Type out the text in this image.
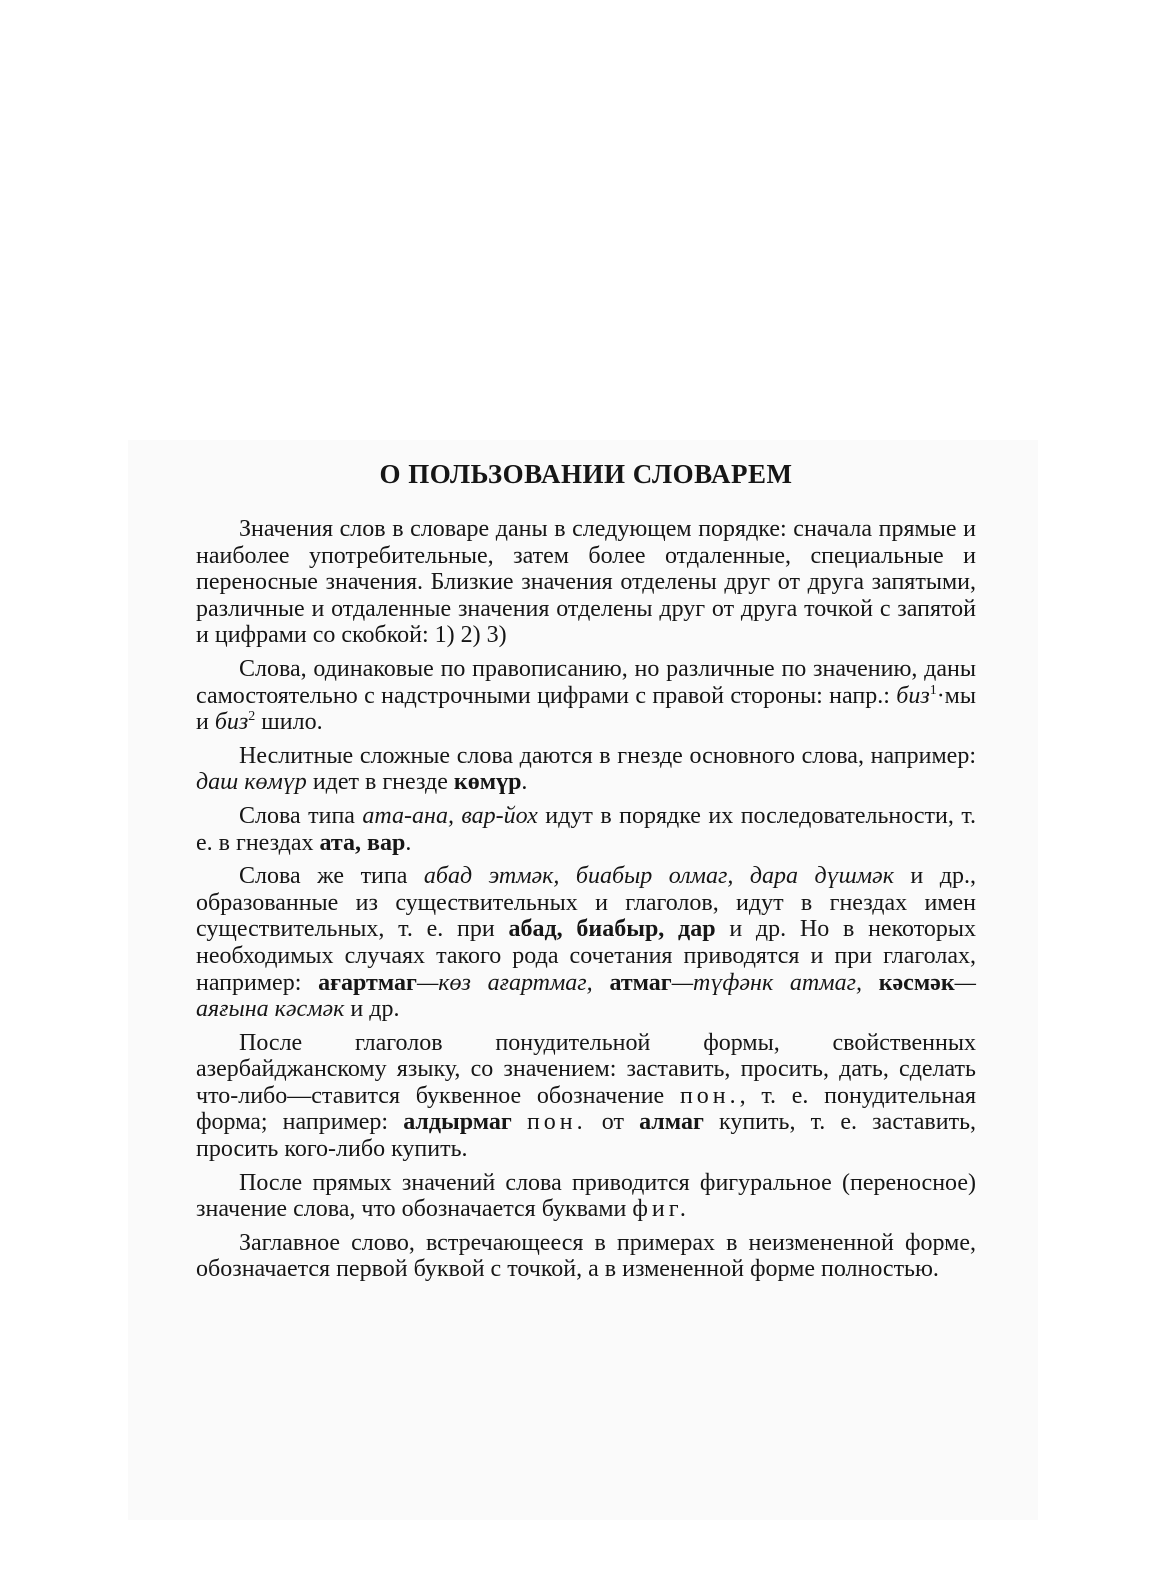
О ПОЛЬЗОВАНИИ СЛОВАРЕМ

Значения слов в словаре даны в следующем порядке: сначала прямые и наиболее употребительные, затем более отдаленные, специальные и переносные значения. Близкие значения отделены друг от друга запятыми, различные и отдаленные значения отделены друг от друга точкой с запятой и цифрами со скобкой: 1) 2) 3)

Слова, одинаковые по правописанию, но различные по значению, даны самостоятельно с надстрочными цифрами с правой стороны: напр.: биз$^1$·мы и биз$^2$ шило.

Неслитные сложные слова даются в гнезде основного слова, например: даш көмүр идет в гнезде көмүр.

Слова типа ата-ана, вар-йох идут в порядке их последовательности, т. е. в гнездах ата, вар.

Слова же типа абад этмәк, биабыр олмаг, дара дүшмәк и др., образованные из существительных и глаголов, идут в гнездах имен существительных, т. е. при абад, биабыр, дар и др. Но в некоторых необходимых случаях такого рода сочетания приводятся и при глаголах, например: ағартмаг—көз ағартмаг, атмаг—түфәнк атмаг, кәсмәк—аяғына кәсмәк и др.

После глаголов понудительной формы, свойственных азербайджанскому языку, со значением: заставить, просить, дать, сделать что-либо—ставится буквенное обозначение пон., т. е. понудительная форма; например: алдырмаг пон. от алмаг купить, т. е. заставить, просить кого-либо купить.

После прямых значений слова приводится фигуральное (переносное) значение слова, что обозначается буквами фиг.

Заглавное слово, встречающееся в примерах в неизмененной форме, обозначается первой буквой с точкой, а в измененной форме полностью.
